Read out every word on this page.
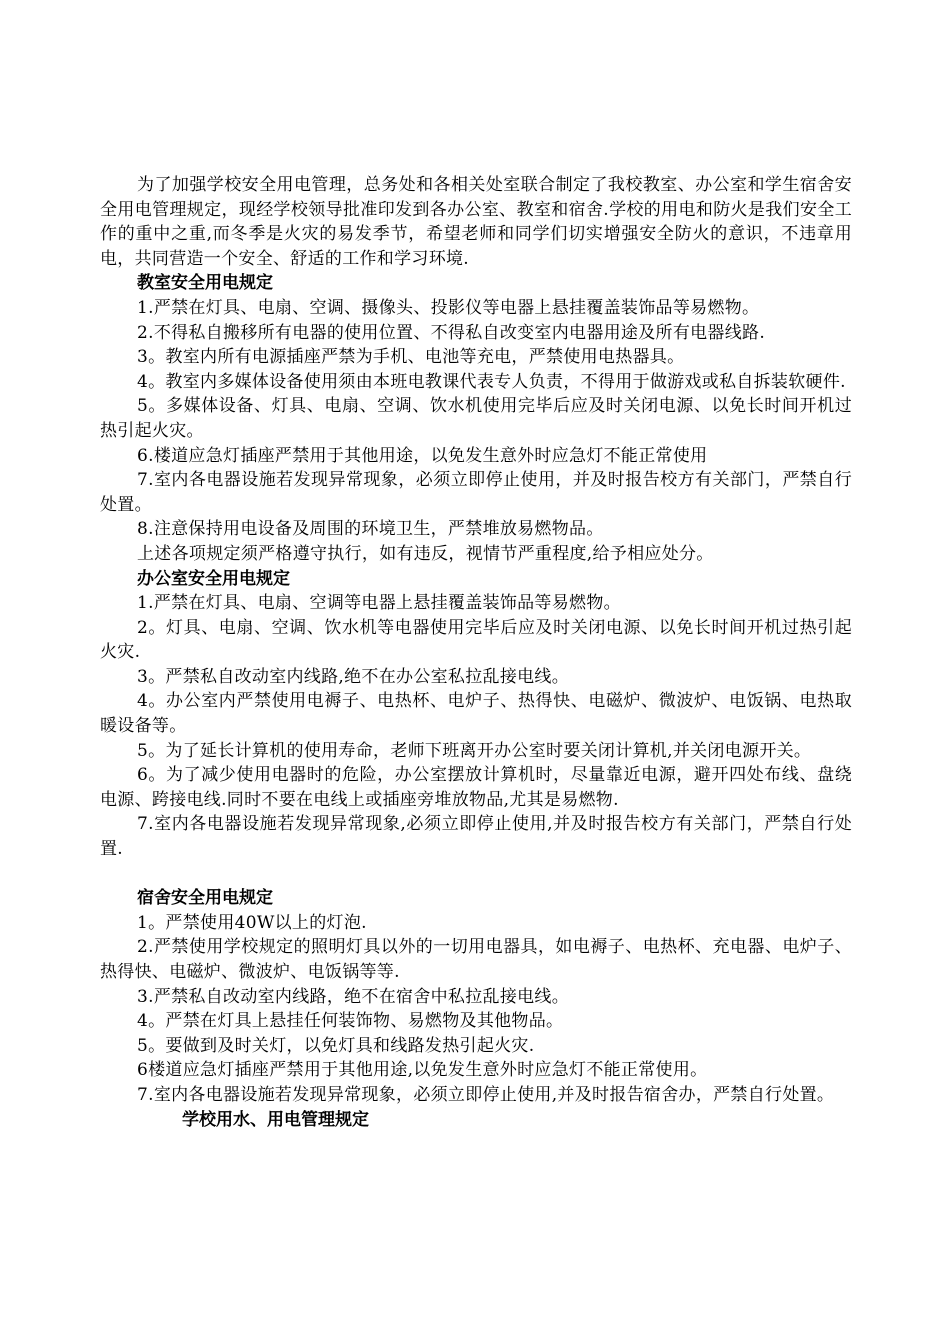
为了加强学校安全用电管理，总务处和各相关处室联合制定了我校教室、办公室和学生宿舍安全用电管理规定，现经学校领导批准印发到各办公室、教室和宿舍.学校的用电和防火是我们安全工作的重中之重,而冬季是火灾的易发季节，希望老师和同学们切实增强安全防火的意识，不违章用电，共同营造一个安全、舒适的工作和学习环境.

教室安全用电规定

1.严禁在灯具、电扇、空调、摄像头、投影仪等电器上悬挂覆盖装饰品等易燃物。

2.不得私自搬移所有电器的使用位置、不得私自改变室内电器用途及所有电器线路.

3。教室内所有电源插座严禁为手机、电池等充电，严禁使用电热器具。

4。教室内多媒体设备使用须由本班电教课代表专人负责，不得用于做游戏或私自拆装软硬件.

5。多媒体设备、灯具、电扇、空调、饮水机使用完毕后应及时关闭电源、以免长时间开机过热引起火灾。

6.楼道应急灯插座严禁用于其他用途，以免发生意外时应急灯不能正常使用

7.室内各电器设施若发现异常现象，必须立即停止使用，并及时报告校方有关部门，严禁自行处置。

8.注意保持用电设备及周围的环境卫生，严禁堆放易燃物品。

上述各项规定须严格遵守执行，如有违反，视情节严重程度,给予相应处分。

办公室安全用电规定

1.严禁在灯具、电扇、空调等电器上悬挂覆盖装饰品等易燃物。

2。灯具、电扇、空调、饮水机等电器使用完毕后应及时关闭电源、以免长时间开机过热引起火灾.

3。严禁私自改动室内线路,绝不在办公室私拉乱接电线。

4。办公室内严禁使用电褥子、电热杯、电炉子、热得快、电磁炉、微波炉、电饭锅、电热取暖设备等。

5。为了延长计算机的使用寿命，老师下班离开办公室时要关闭计算机,并关闭电源开关。

6。为了减少使用电器时的危险，办公室摆放计算机时，尽量靠近电源，避开四处布线、盘绕电源、跨接电线.同时不要在电线上或插座旁堆放物品,尤其是易燃物.

7.室内各电器设施若发现异常现象,必须立即停止使用,并及时报告校方有关部门，严禁自行处置.

宿舍安全用电规定

1。严禁使用40W以上的灯泡.

2.严禁使用学校规定的照明灯具以外的一切用电器具，如电褥子、电热杯、充电器、电炉子、热得快、电磁炉、微波炉、电饭锅等等.

3.严禁私自改动室内线路，绝不在宿舍中私拉乱接电线。

4。严禁在灯具上悬挂任何装饰物、易燃物及其他物品。

5。要做到及时关灯，以免灯具和线路发热引起火灾.

6楼道应急灯插座严禁用于其他用途,以免发生意外时应急灯不能正常使用。

7.室内各电器设施若发现异常现象，必须立即停止使用,并及时报告宿舍办，严禁自行处置。

学校用水、用电管理规定
